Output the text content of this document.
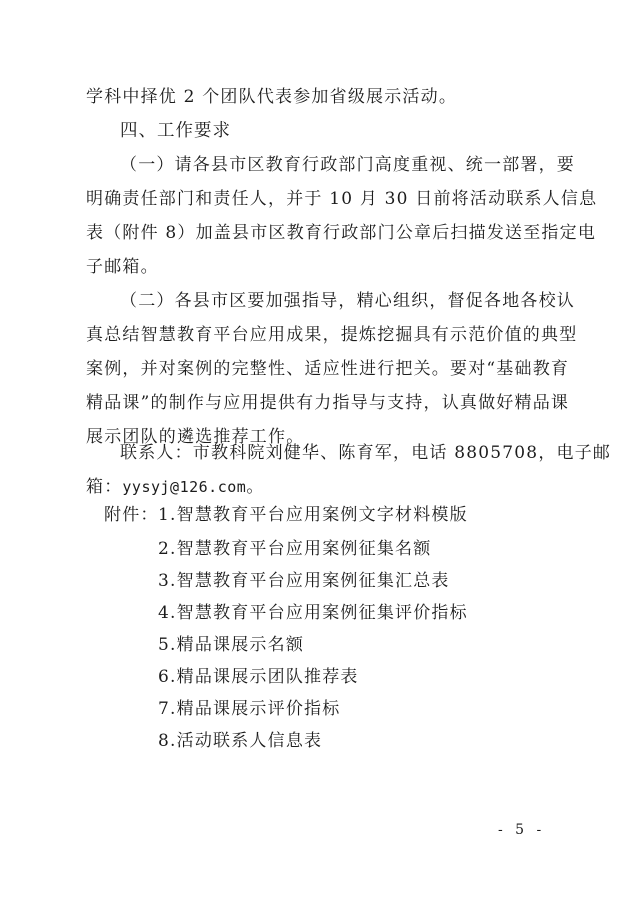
学科中择优 2 个团队代表参加省级展示活动。
四、工作要求
（一）请各县市区教育行政部门高度重视、统一部署，要
明确责任部门和责任人，并于 10 月 30 日前将活动联系人信息
表（附件 8）加盖县市区教育行政部门公章后扫描发送至指定电
子邮箱。
（二）各县市区要加强指导，精心组织，督促各地各校认
真总结智慧教育平台应用成果，提炼挖掘具有示范价值的典型
案例，并对案例的完整性、适应性进行把关。要对“基础教育
精品课”的制作与应用提供有力指导与支持，认真做好精品课
展示团队的遴选推荐工作。
联系人：市教科院刘健华、陈育军，电话 8805708，电子邮
箱：yysyj@126.com。
附件： 1.智慧教育平台应用案例文字材料模版
2.智慧教育平台应用案例征集名额
3.智慧教育平台应用案例征集汇总表
4.智慧教育平台应用案例征集评价指标
5.精品课展示名额
6.精品课展示团队推荐表
7.精品课展示评价指标
8.活动联系人信息表
- 5 -
